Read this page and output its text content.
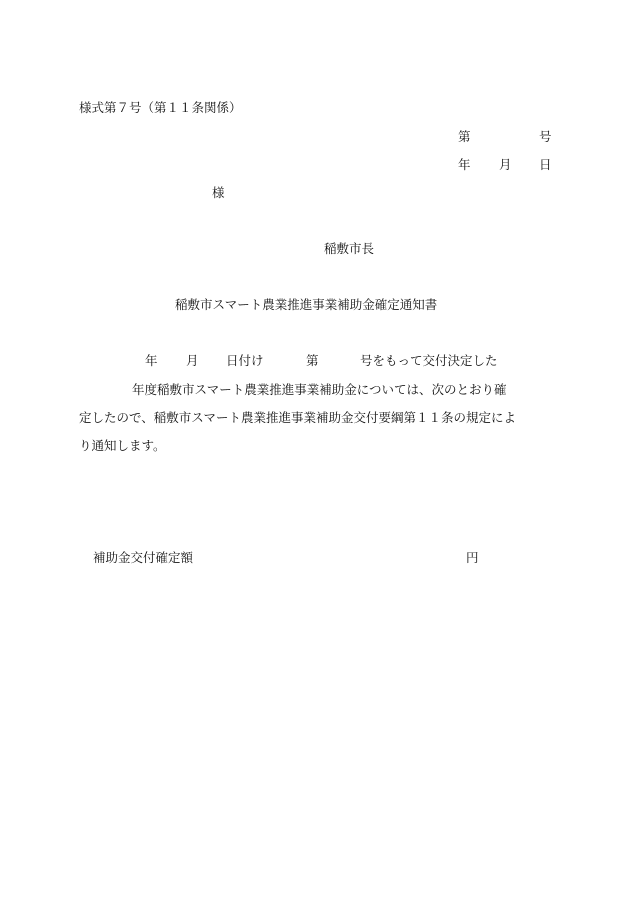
様式第７号（第１１条関係）
第	号
年 月 日
様
稲敷市長
稲敷市スマート農業推進事業補助金確定通知書
年 月 日付け	第	号をもって交付決定した
年度稲敷市スマート農業推進事業補助金については、次のとおり確
定したので、稲敷市スマート農業推進事業補助金交付要綱第１１条の規定によ
り通知します。
補助金交付確定額	円
